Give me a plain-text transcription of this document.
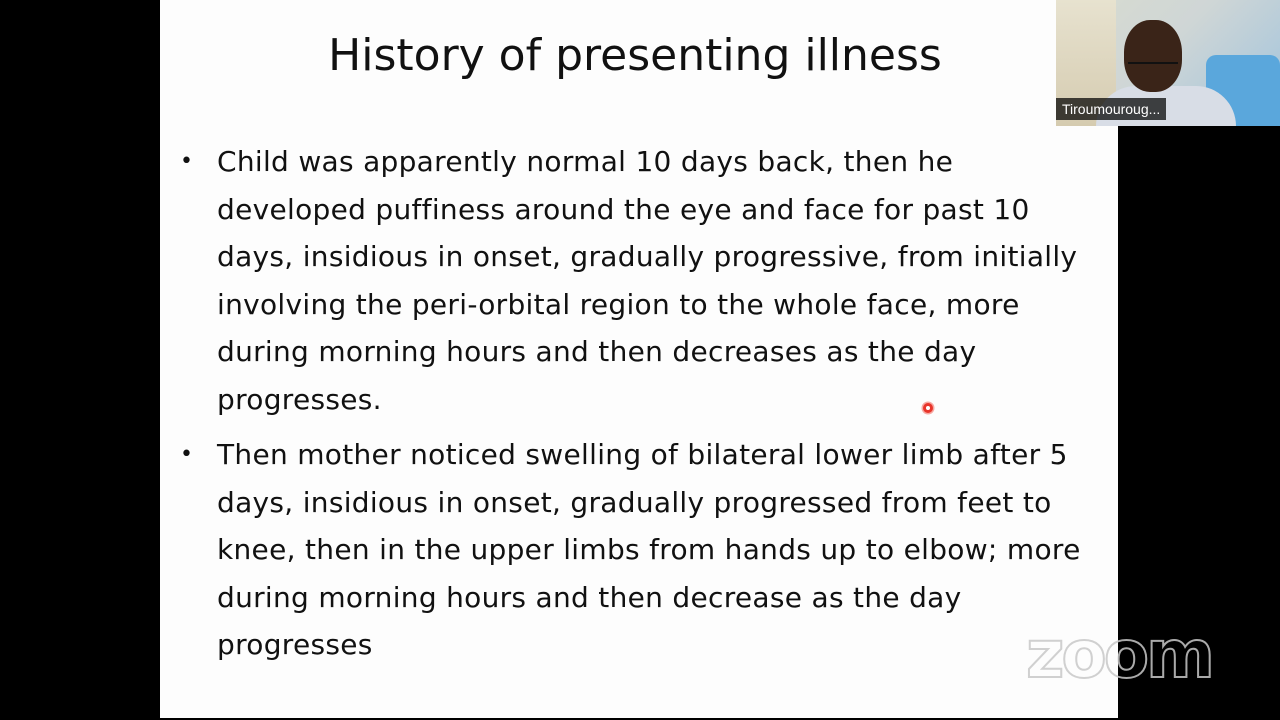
History of presenting illness
• Child was apparently normal 10 days back, then he developed puffiness around the eye and face for past 10 days, insidious in onset, gradually progressive, from initially involving the peri-orbital region to the whole face, more during morning hours and then decreases as the day progresses.
• Then mother noticed swelling of bilateral lower limb after 5 days, insidious in onset, gradually progressed from feet to knee, then in the upper limbs from hands up to elbow; more during morning hours and then decrease as the day progresses
Tiroumouroug...
zoom
